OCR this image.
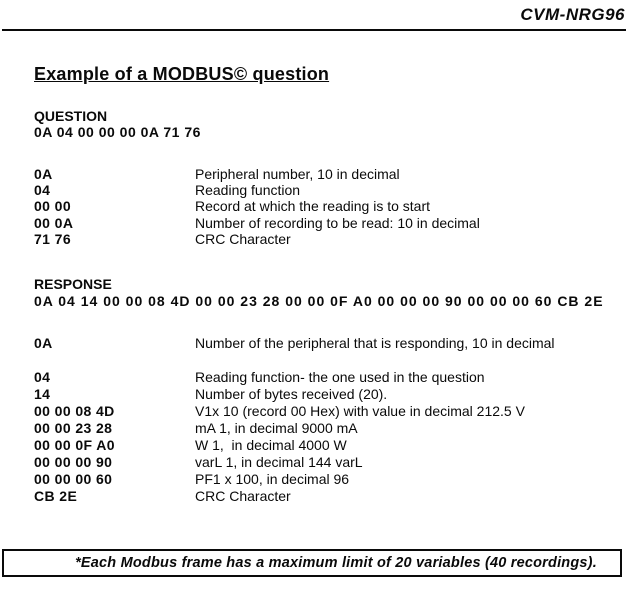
CVM-NRG96
Example of a MODBUS© question
QUESTION
0A 04 00 00 00 0A 71 76
0A	Peripheral number, 10 in decimal
04	Reading function
00 00	Record at which the reading is to start
00 0A	Number of recording to be read: 10 in decimal
71 76	CRC Character
RESPONSE
0A 04 14 00 00 08 4D 00 00 23 28 00 00 0F A0 00 00 00 90 00 00 00 60 CB 2E
0A	Number of the peripheral that is responding, 10 in decimal
04	Reading function- the one used in the question
14	Number of bytes received (20).
00 00 08 4D	V1x 10 (record 00 Hex) with value in decimal 212.5 V
00 00 23 28	mA 1, in decimal 9000 mA
00 00 0F A0	W 1,  in decimal 4000 W
00 00 00 90	varL 1, in decimal 144 varL
00 00 00 60	PF1 x 100, in decimal 96
CB 2E	CRC Character
*Each Modbus frame has a maximum limit of 20 variables (40 recordings).
